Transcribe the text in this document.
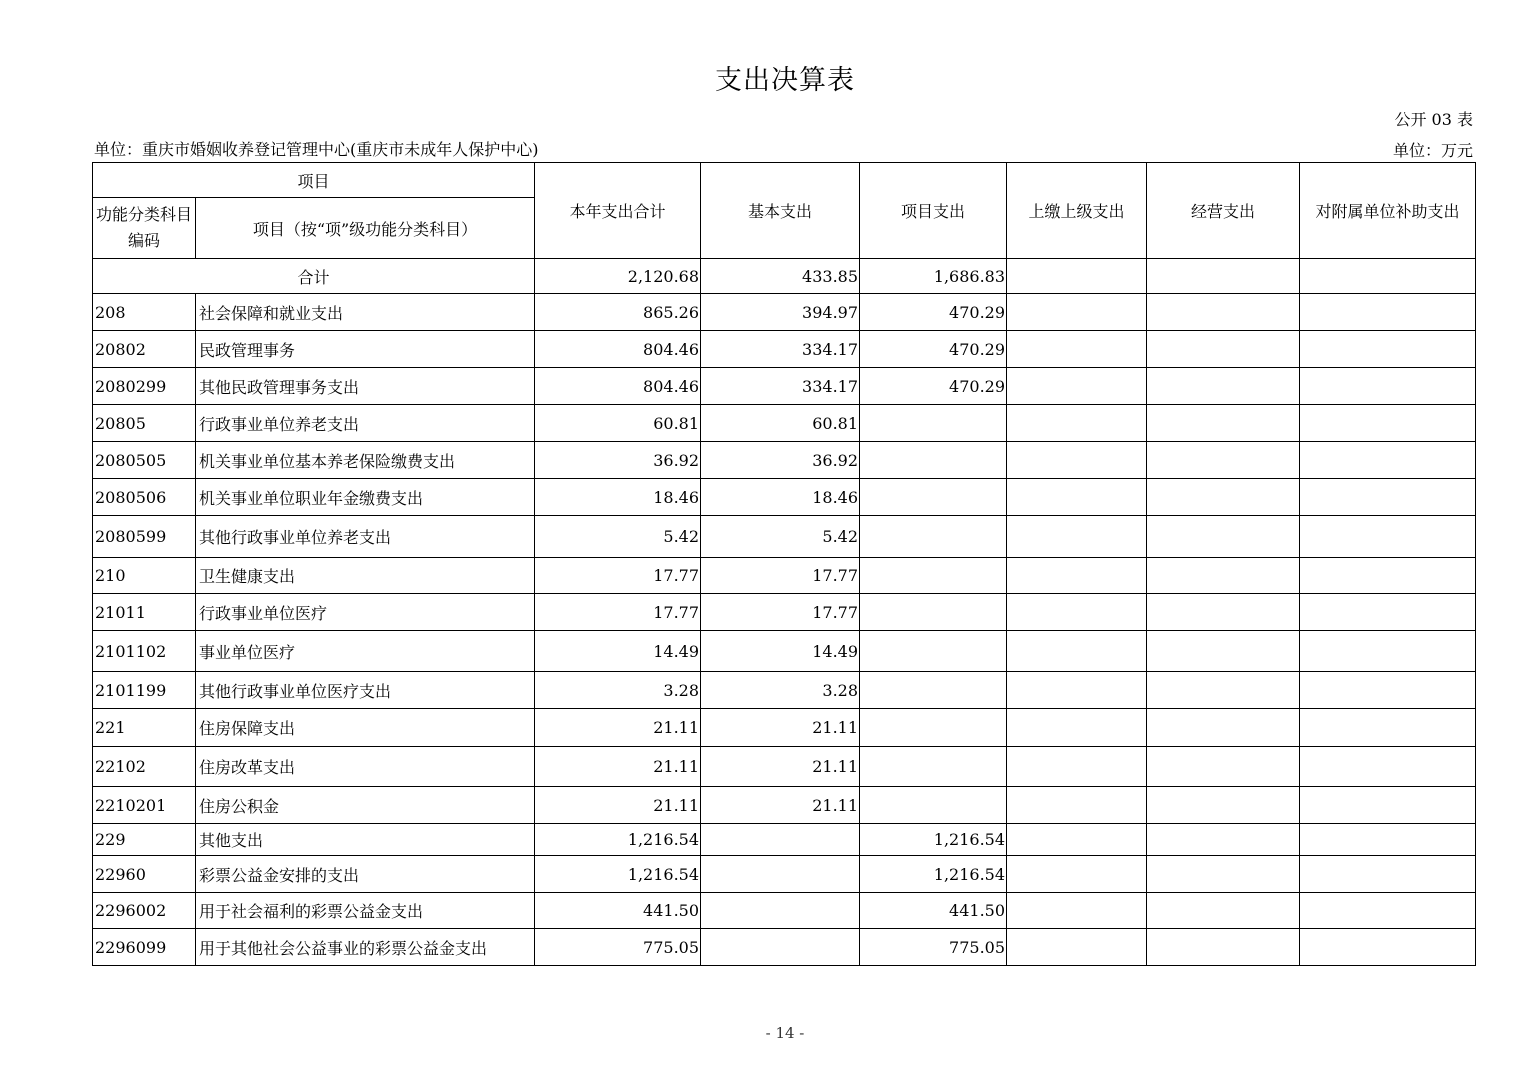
支出决算表
公开 03 表
单位：重庆市婚姻收养登记管理中心(重庆市未成年人保护中心)	单位：万元
项目		本年支出合计	基本支出	项目支出	上缴上级支出	经营支出	对附属单位补助支出
功能分类科目编码	项目（按“项”级功能分类科目）						
合计		2,120.68	433.85	1,686.83			
208	社会保障和就业支出	865.26	394.97	470.29			
20802	民政管理事务	804.46	334.17	470.29			
2080299	其他民政管理事务支出	804.46	334.17	470.29			
20805	行政事业单位养老支出	60.81	60.81				
2080505	机关事业单位基本养老保险缴费支出	36.92	36.92				
2080506	机关事业单位职业年金缴费支出	18.46	18.46				
2080599	其他行政事业单位养老支出	5.42	5.42				
210	卫生健康支出	17.77	17.77				
21011	行政事业单位医疗	17.77	17.77				
2101102	事业单位医疗	14.49	14.49				
2101199	其他行政事业单位医疗支出	3.28	3.28				
221	住房保障支出	21.11	21.11				
22102	住房改革支出	21.11	21.11				
2210201	住房公积金	21.11	21.11				
229	其他支出	1,216.54		1,216.54			
22960	彩票公益金安排的支出	1,216.54		1,216.54			
2296002	用于社会福利的彩票公益金支出	441.50		441.50			
2296099	用于其他社会公益事业的彩票公益金支出	775.05		775.05			
- 14 -
